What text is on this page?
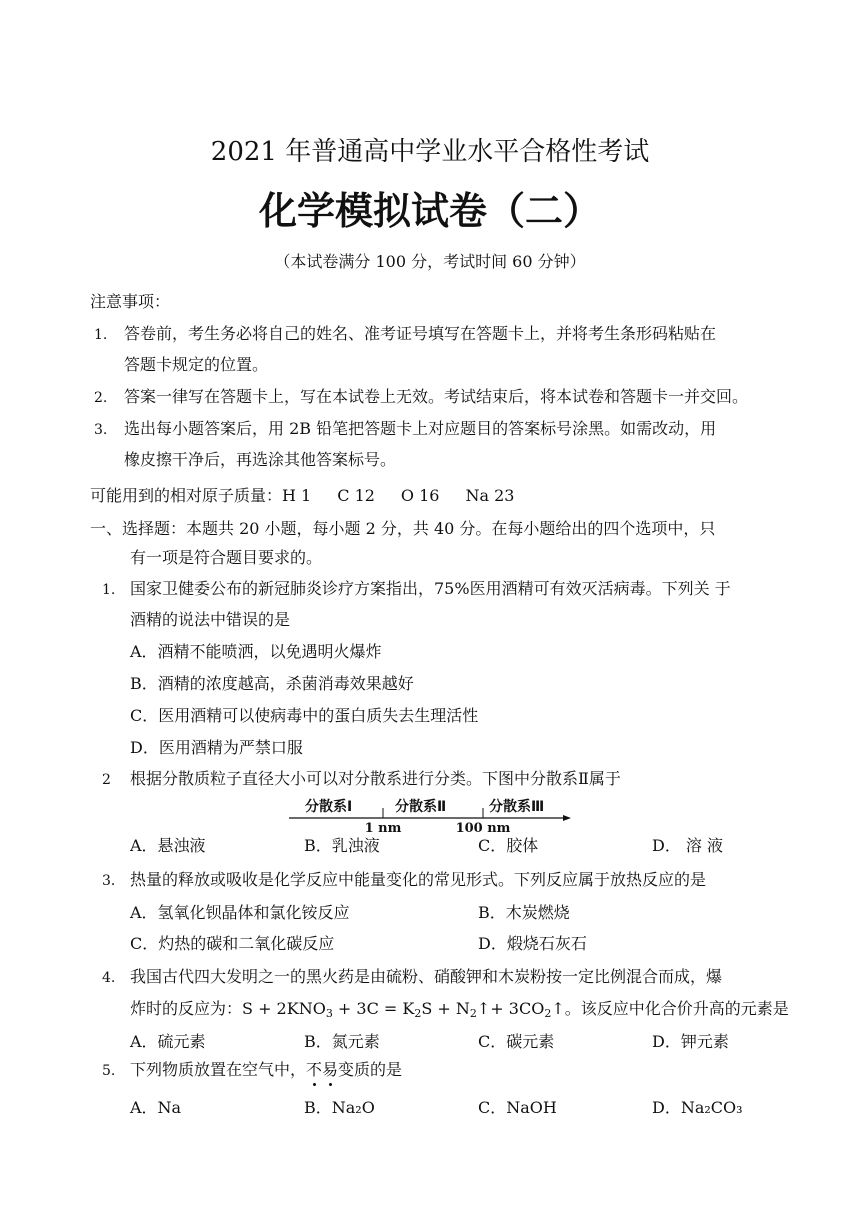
2021 年普通高中学业水平合格性考试
化学模拟试卷（二）
（本试卷满分 100 分，考试时间 60 分钟）
注意事项：
1. 答卷前，考生务必将自己的姓名、准考证号填写在答题卡上，并将考生条形码粘贴在
答题卡规定的位置。
2. 答案一律写在答题卡上，写在本试卷上无效。考试结束后，将本试卷和答题卡一并交回。
3. 选出每小题答案后，用 2B 铅笔把答题卡上对应题目的答案标号涂黑。如需改动，用
橡皮擦干净后，再选涂其他答案标号。
可能用到的相对原子质量：H 1 C 12 O 16 Na 23
一、选择题：本题共 20 小题，每小题 2 分，共 40 分。在每小题给出的四个选项中，只
有一项是符合题目要求的。
1. 国家卫健委公布的新冠肺炎诊疗方案指出，75%医用酒精可有效灭活病毒。下列关 于
酒精的说法中错误的是
A．酒精不能喷洒，以免遇明火爆炸
B．酒精的浓度越高，杀菌消毒效果越好
C．医用酒精可以使病毒中的蛋白质失去生理活性
D．医用酒精为严禁口服
2 根据分散质粒子直径大小可以对分散系进行分类。下图中分散系Ⅱ属于
分散系Ⅰ	分散系Ⅱ	分散系Ⅲ
1 nm	100 nm
A．悬浊液	B．乳浊液	C．胶体	D． 溶 液
3． 热量的释放或吸收是化学反应中能量变化的常见形式。下列反应属于放热反应的是
A．氢氧化钡晶体和氯化铵反应	B．木炭燃烧
C．灼热的碳和二氧化碳反应	D．煅烧石灰石
4. 我国古代四大发明之一的黑火药是由硫粉、硝酸钾和木炭粉按一定比例混合而成，爆
炸时的反应为：$S + 2KNO_3 + 3C = K_2S$ + $N_2↑+$ $3CO_2↑$。该反应中化合价升高的元素是
A．硫元素	B．氮元素	C．碳元素	D．钾元素
5. 下列物质放置在空气中，不易变质的是
A．Na	B．Na₂O	C．NaOH	D．Na₂CO₃
